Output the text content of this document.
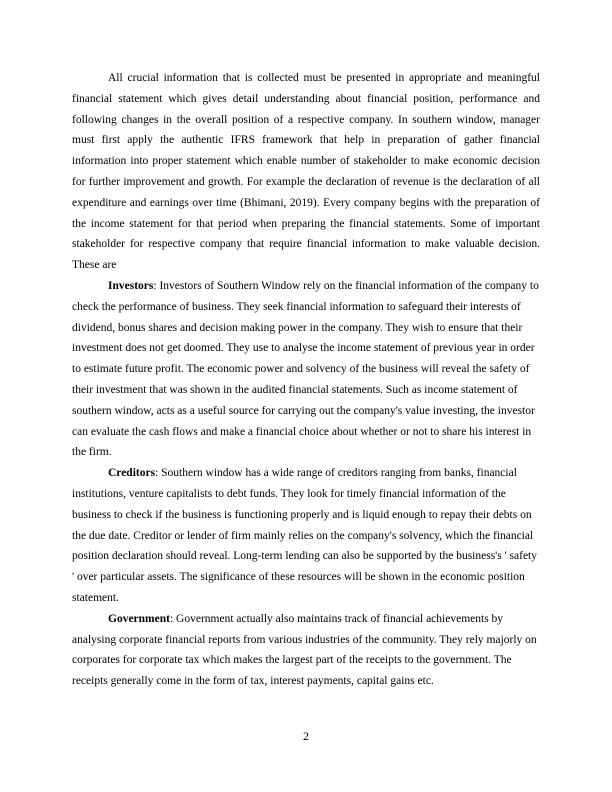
All crucial information that is collected must be presented in appropriate and meaningful financial statement which gives detail understanding about financial position, performance and following changes in the overall position of a respective company. In southern window, manager must first apply the authentic IFRS framework that help in preparation of gather financial information into proper statement which enable number of stakeholder to make economic decision for further improvement and growth. For example the declaration of revenue is the declaration of all expenditure and earnings over time (Bhimani, 2019). Every company begins with the preparation of the income statement for that period when preparing the financial statements. Some of important stakeholder for respective company that require financial information to make valuable decision. These are

Investors: Investors of Southern Window rely on the financial information of the company to check the performance of business. They seek financial information to safeguard their interests of dividend, bonus shares and decision making power in the company. They wish to ensure that their investment does not get doomed. They use to analyse the income statement of previous year in order to estimate future profit. The economic power and solvency of the business will reveal the safety of their investment that was shown in the audited financial statements. Such as income statement of southern window, acts as a useful source for carrying out the company's value investing, the investor can evaluate the cash flows and make a financial choice about whether or not to share his interest in the firm.

Creditors: Southern window has a wide range of creditors ranging from banks, financial institutions, venture capitalists to debt funds. They look for timely financial information of the business to check if the business is functioning properly and is liquid enough to repay their debts on the due date. Creditor or lender of firm mainly relies on the company's solvency, which the financial position declaration should reveal. Long-term lending can also be supported by the business's ' safety ' over particular assets. The significance of these resources will be shown in the economic position statement.

Government: Government actually also maintains track of financial achievements by analysing corporate financial reports from various industries of the community. They rely majorly on corporates for corporate tax which makes the largest part of the receipts to the government. The receipts generally come in the form of tax, interest payments, capital gains etc.

2
